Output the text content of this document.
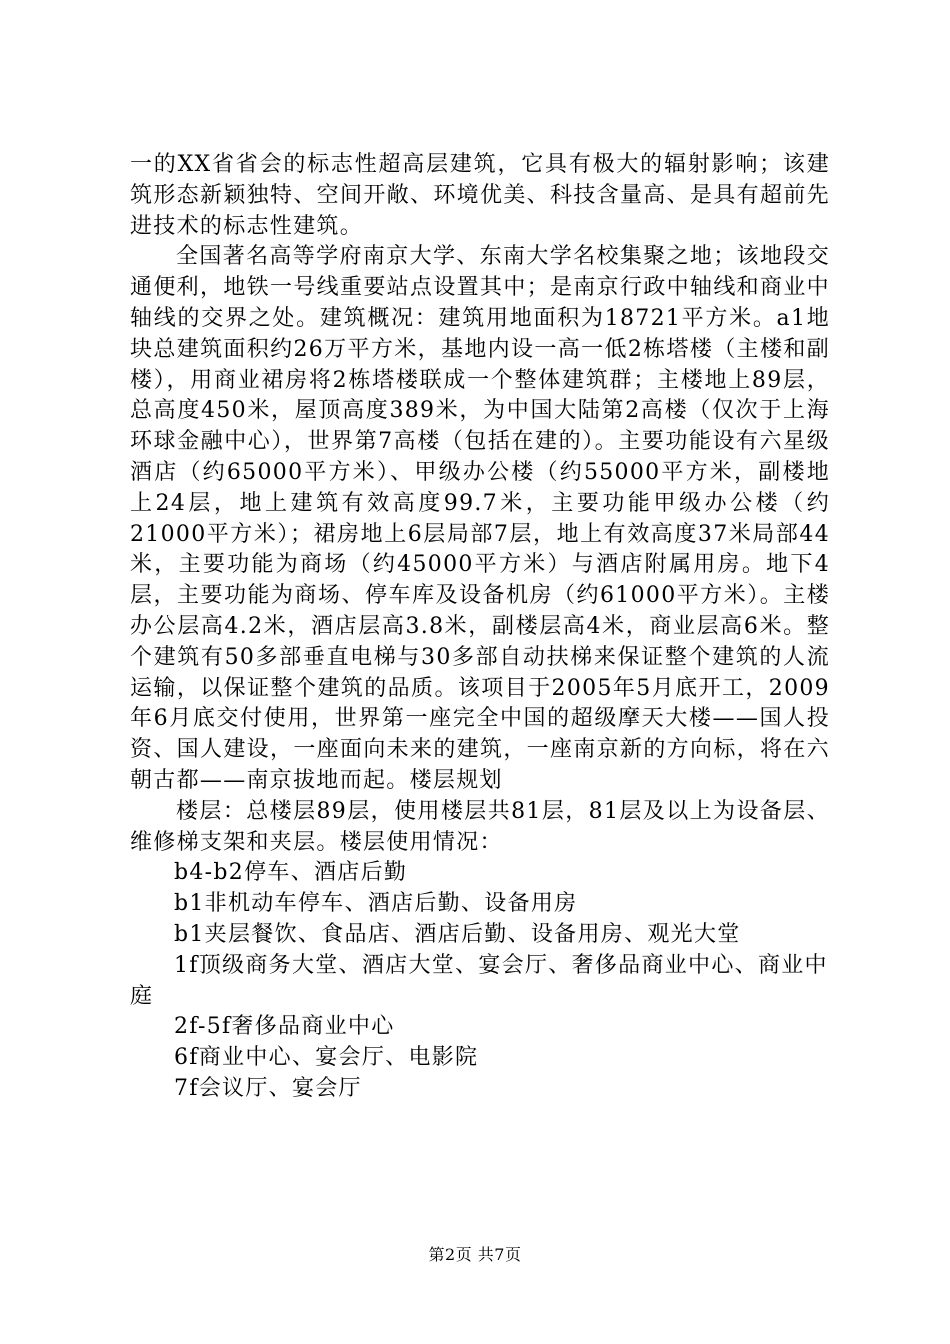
一的XX省省会的标志性超高层建筑，它具有极大的辐射影响；该建筑形态新颖独特、空间开敞、环境优美、科技含量高、是具有超前先进技术的标志性建筑。

全国著名高等学府南京大学、东南大学名校集聚之地；该地段交通便利，地铁一号线重要站点设置其中；是南京行政中轴线和商业中轴线的交界之处。建筑概况：建筑用地面积为18721平方米。a1地块总建筑面积约26万平方米，基地内设一高一低2栋塔楼（主楼和副楼），用商业裙房将2栋塔楼联成一个整体建筑群；主楼地上89层，总高度450米，屋顶高度389米，为中国大陆第2高楼（仅次于上海环球金融中心），世界第7高楼（包括在建的）。主要功能设有六星级酒店（约65000平方米）、甲级办公楼（约55000平方米，副楼地上24层，地上建筑有效高度99.7米，主要功能甲级办公楼（约21000平方米）；裙房地上6层局部7层，地上有效高度37米局部44米，主要功能为商场（约45000平方米）与酒店附属用房。地下4层，主要功能为商场、停车库及设备机房（约61000平方米）。主楼办公层高4.2米，酒店层高3.8米，副楼层高4米，商业层高6米。整个建筑有50多部垂直电梯与30多部自动扶梯来保证整个建筑的人流运输，以保证整个建筑的品质。该项目于2005年5月底开工，2009年6月底交付使用，世界第一座完全中国的超级摩天大楼——国人投资、国人建设，一座面向未来的建筑，一座南京新的方向标，将在六朝古都——南京拔地而起。楼层规划

楼层：总楼层89层，使用楼层共81层，81层及以上为设备层、维修梯支架和夹层。楼层使用情况：

b4-b2停车、酒店后勤

b1非机动车停车、酒店后勤、设备用房

b1夹层餐饮、食品店、酒店后勤、设备用房、观光大堂

1f顶级商务大堂、酒店大堂、宴会厅、奢侈品商业中心、商业中庭

2f-5f奢侈品商业中心

6f商业中心、宴会厅、电影院

7f会议厅、宴会厅

第2页 共7页
